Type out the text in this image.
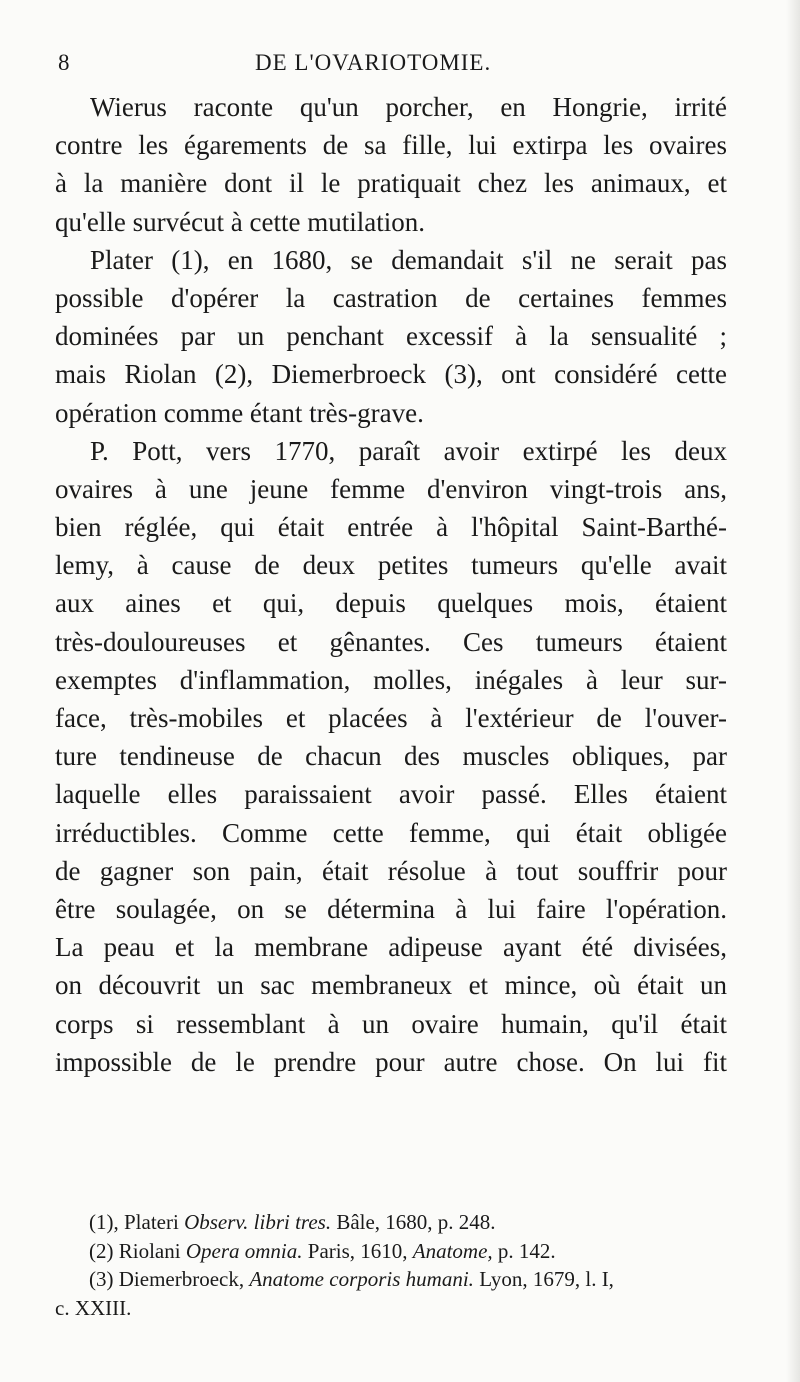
8	DE L'OVARIOTOMIE.
Wierus raconte qu'un porcher, en Hongrie, irrité
contre les égarements de sa fille, lui extirpa les ovaires
à la manière dont il le pratiquait chez les animaux, et
qu'elle survécut à cette mutilation.
Plater (1), en 1680, se demandait s'il ne serait pas
possible d'opérer la castration de certaines femmes
dominées par un penchant excessif à la sensualité ;
mais Riolan (2), Diemerbroeck (3), ont considéré cette
opération comme étant très-grave.
P. Pott, vers 1770, paraît avoir extirpé les deux
ovaires à une jeune femme d'environ vingt-trois ans,
bien réglée, qui était entrée à l'hôpital Saint-Barthé-
lemy, à cause de deux petites tumeurs qu'elle avait
aux aines et qui, depuis quelques mois, étaient
très-douloureuses et gênantes. Ces tumeurs étaient
exemptes d'inflammation, molles, inégales à leur sur-
face, très-mobiles et placées à l'extérieur de l'ouver-
ture tendineuse de chacun des muscles obliques, par
laquelle elles paraissaient avoir passé. Elles étaient
irréductibles. Comme cette femme, qui était obligée
de gagner son pain, était résolue à tout souffrir pour
être soulagée, on se détermina à lui faire l'opération.
La peau et la membrane adipeuse ayant été divisées,
on découvrit un sac membraneux et mince, où était un
corps si ressemblant à un ovaire humain, qu'il était
impossible de le prendre pour autre chose. On lui fit
(1), Plateri Observ. libri tres. Bâle, 1680, p. 248.
(2) Riolani Opera omnia. Paris, 1610, Anatome, p. 142.
(3) Diemerbroeck, Anatome corporis humani. Lyon, 1679, l. I,
c. XXIII.
